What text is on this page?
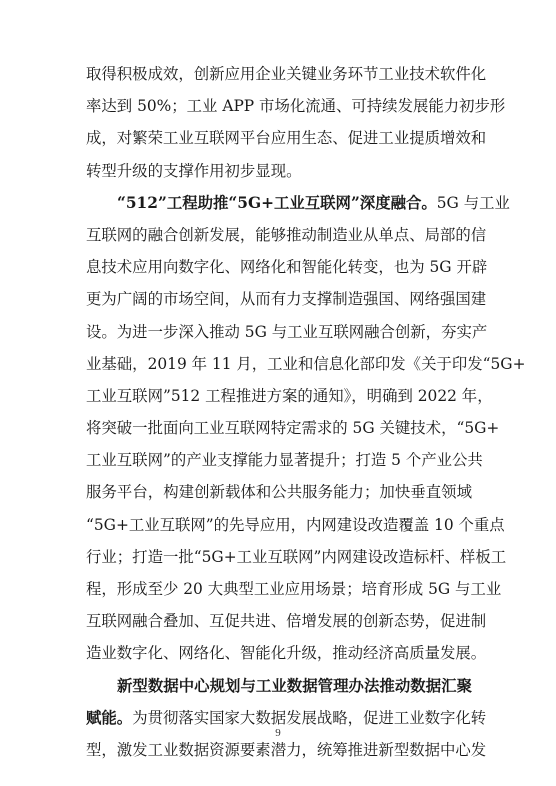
取得积极成效，创新应用企业关键业务环节工业技术软件化
率达到 50%；工业 APP 市场化流通、可持续发展能力初步形
成，对繁荣工业互联网平台应用生态、促进工业提质增效和
转型升级的支撑作用初步显现。
“512”工程助推“5G+工业互联网”深度融合。5G 与工业
互联网的融合创新发展，能够推动制造业从单点、局部的信
息技术应用向数字化、网络化和智能化转变，也为 5G 开辟
更为广阔的市场空间，从而有力支撑制造强国、网络强国建
设。为进一步深入推动 5G 与工业互联网融合创新，夯实产
业基础，2019 年 11 月，工业和信息化部印发《关于印发“5G+
工业互联网”512 工程推进方案的通知》，明确到 2022 年，
将突破一批面向工业互联网特定需求的 5G 关键技术，“5G+
工业互联网”的产业支撑能力显著提升；打造 5 个产业公共
服务平台，构建创新载体和公共服务能力；加快垂直领域
“5G+工业互联网”的先导应用，内网建设改造覆盖 10 个重点
行业；打造一批“5G+工业互联网”内网建设改造标杆、样板工
程，形成至少 20 大典型工业应用场景；培育形成 5G 与工业
互联网融合叠加、互促共进、倍增发展的创新态势，促进制
造业数字化、网络化、智能化升级，推动经济高质量发展。
新型数据中心规划与工业数据管理办法推动数据汇聚
赋能。为贯彻落实国家大数据发展战略，促进工业数字化转
型，激发工业数据资源要素潜力，统筹推进新型数据中心发
9
